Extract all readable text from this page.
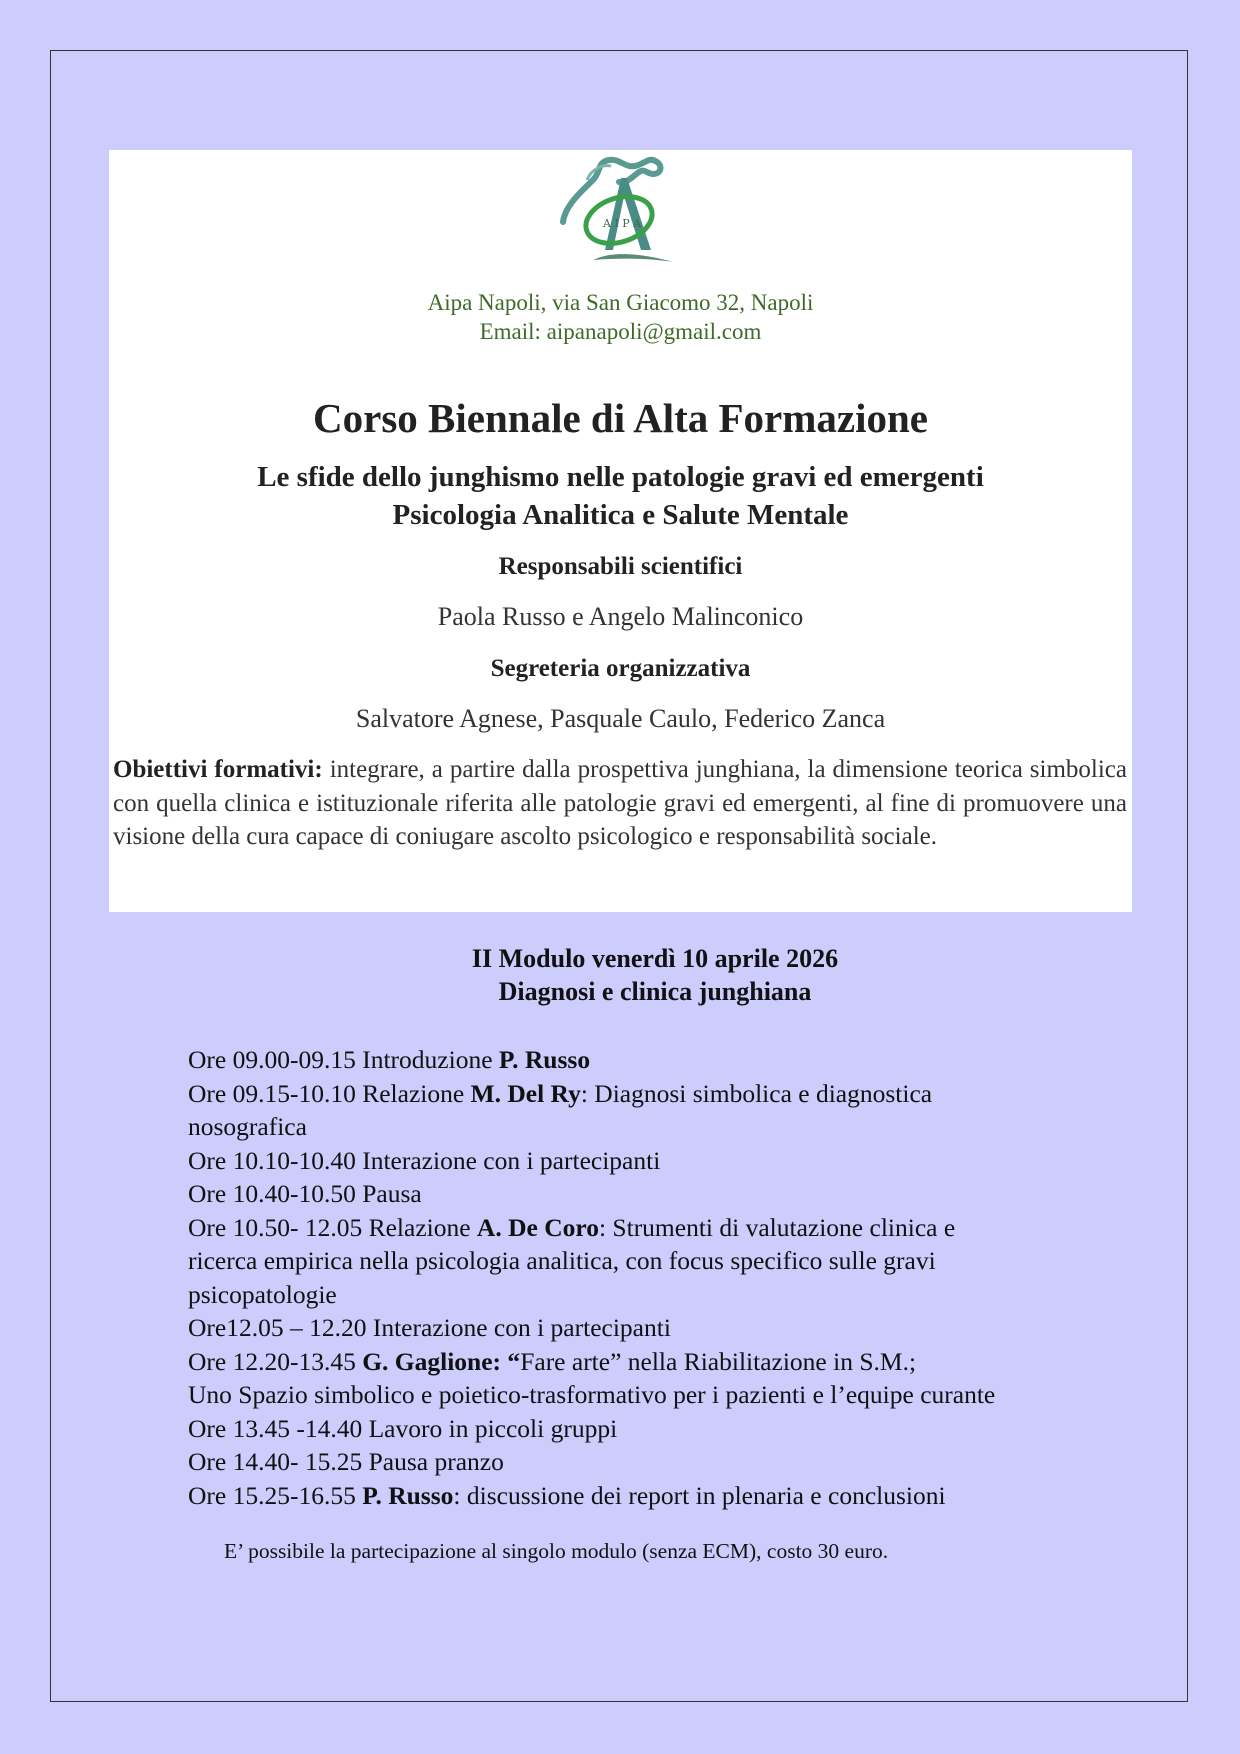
A I P A
Aipa Napoli, via San Giacomo 32, Napoli
Email: aipanapoli@gmail.com
Corso Biennale di Alta Formazione
Le sfide dello junghismo nelle patologie gravi ed emergenti
Psicologia Analitica e Salute Mentale
Responsabili scientifici
Paola Russo e Angelo Malinconico
Segreteria organizzativa
Salvatore Agnese, Pasquale Caulo, Federico Zanca
Obiettivi formativi: integrare, a partire dalla prospettiva junghiana, la dimensione teorica simbolica con quella clinica e istituzionale riferita alle patologie gravi ed emergenti, al fine di promuovere una visione della cura capace di coniugare ascolto psicologico e responsabilità sociale.
II Modulo venerdì 10 aprile 2026
Diagnosi e clinica junghiana
Ore 09.00-09.15 Introduzione P. Russo
Ore 09.15-10.10 Relazione M. Del Ry: Diagnosi simbolica e diagnostica
nosografica
Ore 10.10-10.40 Interazione con i partecipanti
Ore 10.40-10.50 Pausa
Ore 10.50- 12.05 Relazione A. De Coro: Strumenti di valutazione clinica e
ricerca empirica nella psicologia analitica, con focus specifico sulle gravi
psicopatologie
Ore12.05 – 12.20 Interazione con i partecipanti
Ore 12.20-13.45 G. Gaglione: “Fare arte” nella Riabilitazione in S.M.;
Uno Spazio simbolico e poietico-trasformativo per i pazienti e l’equipe curante
Ore 13.45 -14.40 Lavoro in piccoli gruppi
Ore 14.40- 15.25 Pausa pranzo
Ore 15.25-16.55 P. Russo: discussione dei report in plenaria e conclusioni
E’ possibile la partecipazione al singolo modulo (senza ECM), costo 30 euro.
